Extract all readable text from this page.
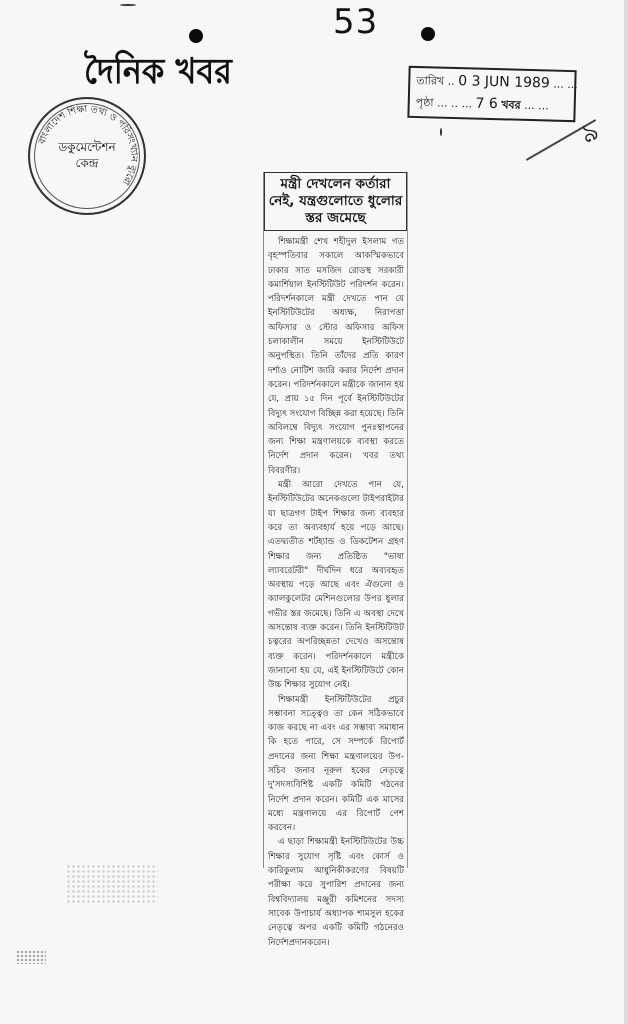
53
দৈনিক খবর
বাংলাদেশ শিক্ষা তথ্য ও পরিসংখ্যান ব্যুরো
ডকুমেন্টেশন
কেন্দ্র
তারিখ .. 0 3 JUN 1989 ... ...
পৃষ্ঠা ... .. ... 7 6 খবর ... ...
৯
মন্ত্রী দেখলেন কর্তারা নেই, যন্ত্রগুলোতে ধুলোর স্তর জমেছে

শিক্ষামন্ত্রী শেখ শহীদুল ইসলাম গত বৃহস্পতিবার সকালে আকস্মিকভাবে ঢাকার সাত মসজিদ রোডস্থ সরকারী কমার্শিয়াল ইনস্টিটিউট পরিদর্শন করেন। পরিদর্শনকালে মন্ত্রী দেখতে পান যে ইনস্টিটিউটের অধ্যক্ষ, নিরাপত্তা অফিসার ও স্টোর অফিসার অফিস চলাকালীন সময়ে ইনস্টিটিউটে অনুপস্থিত। তিনি তাঁদের প্রতি কারণ দর্শাও নোটিশ জারি করার নির্দেশ প্রদান করেন। পরিদর্শনকালে মন্ত্রীকে জানান হয় যে, প্রায় ১৫ দিন পূর্বে ইনস্টিটিউটের বিদ্যুৎ সংযোগ বিচ্ছিন্ন করা হয়েছে। তিনি অবিলম্বে বিদ্যুৎ সংযোগ পুনঃস্থাপনের জন্য শিক্ষা মন্ত্রণালয়কে ব্যবস্থা করতে নির্দেশ প্রদান করেন। খবর তথ্য বিবরণীর।

মন্ত্রী আরো দেখতে পান যে, ইনস্টিটিউটের অনেকগুলো টাইপরাইটার যা ছাত্রগণ টাইপ শিক্ষার জন্য ব্যবহার করে তা অব্যবহার্য হয়ে পড়ে আছে। এতদ্ব্যতীত শর্টহ্যান্ড ও ডিকটেশন গ্রহণ শিক্ষার জন্য প্রতিষ্ঠিত "ভাষা ল্যাবরেটরী" দীর্ঘদিন ধরে অব্যবহৃত অবস্থায় পড়ে আছে এবং ঐগুলো ও ক্যালকুলেটর মেশিনগুলোর উপর ধুলার গভীর স্তর জমেছে। তিনি এ অবস্থা দেখে অসন্তোষ ব্যক্ত করেন। তিনি ইনস্টিটিউট চত্বরের অপরিচ্ছন্নতা দেখেও অসন্তোষ ব্যক্ত করেন। পরিদর্শনকালে মন্ত্রীকে জানানো হয় যে, এই ইনস্টিটিউটে কোন উচ্চ শিক্ষার সুযোগ নেই।

শিক্ষামন্ত্রী ইনস্টিটিউটের প্রচুর সম্ভাবনা সত্ত্বেও তা কেন সঠিকভাবে কাজ করছে না এবং এর সম্ভাব্য সমাধান কি হতে পারে, সে সম্পর্কে রিপোর্ট প্রদানের জন্য শিক্ষা মন্ত্রণালয়ের উপ-সচিব জনাব নূরুল হকের নেতৃত্বে দু'সদস্যবিশিষ্ট একটি কমিটি গঠনের নির্দেশ প্রদান করেন। কমিটি এক মাসের মধ্যে মন্ত্রণালয়ে এর রিপোর্ট পেশ করবেন।

এ ছাড়া শিক্ষামন্ত্রী ইনস্টিটিউটের উচ্চ শিক্ষার সুযোগ সৃষ্টি এবং কোর্স ও কারিকুলাম আধুনিকীকরণের বিষয়টি পরীক্ষা করে সুপারিশ প্রদানের জন্য বিশ্ববিদ্যালয় মঞ্জুরী কমিশনের সদস্য সাবেক উপাচার্য অধ্যাপক শামসুল হকের নেতৃত্বে অপর একটি কমিটি গঠনেরও নির্দেশপ্রদানকরেন।
